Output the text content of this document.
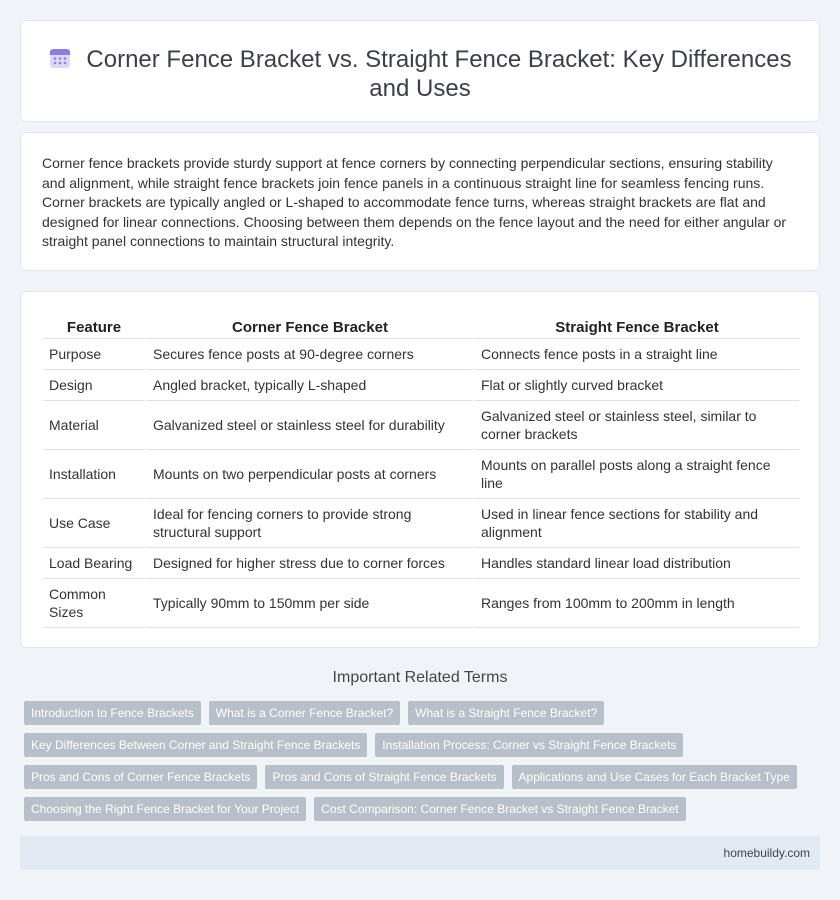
Corner Fence Bracket vs. Straight Fence Bracket: Key Differences and Uses

Corner fence brackets provide sturdy support at fence corners by connecting perpendicular sections, ensuring stability and alignment, while straight fence brackets join fence panels in a continuous straight line for seamless fencing runs. Corner brackets are typically angled or L-shaped to accommodate fence turns, whereas straight brackets are flat and designed for linear connections. Choosing between them depends on the fence layout and the need for either angular or straight panel connections to maintain structural integrity.

Feature	Corner Fence Bracket	Straight Fence Bracket
Purpose	Secures fence posts at 90-degree corners	Connects fence posts in a straight line
Design	Angled bracket, typically L-shaped	Flat or slightly curved bracket
Material	Galvanized steel or stainless steel for durability	Galvanized steel or stainless steel, similar to corner brackets
Installation	Mounts on two perpendicular posts at corners	Mounts on parallel posts along a straight fence line
Use Case	Ideal for fencing corners to provide strong structural support	Used in linear fence sections for stability and alignment
Load Bearing	Designed for higher stress due to corner forces	Handles standard linear load distribution
Common Sizes	Typically 90mm to 150mm per side	Ranges from 100mm to 200mm in length
Important Related Terms
Introduction to Fence Brackets	What is a Corner Fence Bracket?	What is a Straight Fence Bracket?
Key Differences Between Corner and Straight Fence Brackets	Installation Process: Corner vs Straight Fence Brackets
Pros and Cons of Corner Fence Brackets	Pros and Cons of Straight Fence Brackets	Applications and Use Cases for Each Bracket Type
Choosing the Right Fence Bracket for Your Project	Cost Comparison: Corner Fence Bracket vs Straight Fence Bracket
homebuildy.com
